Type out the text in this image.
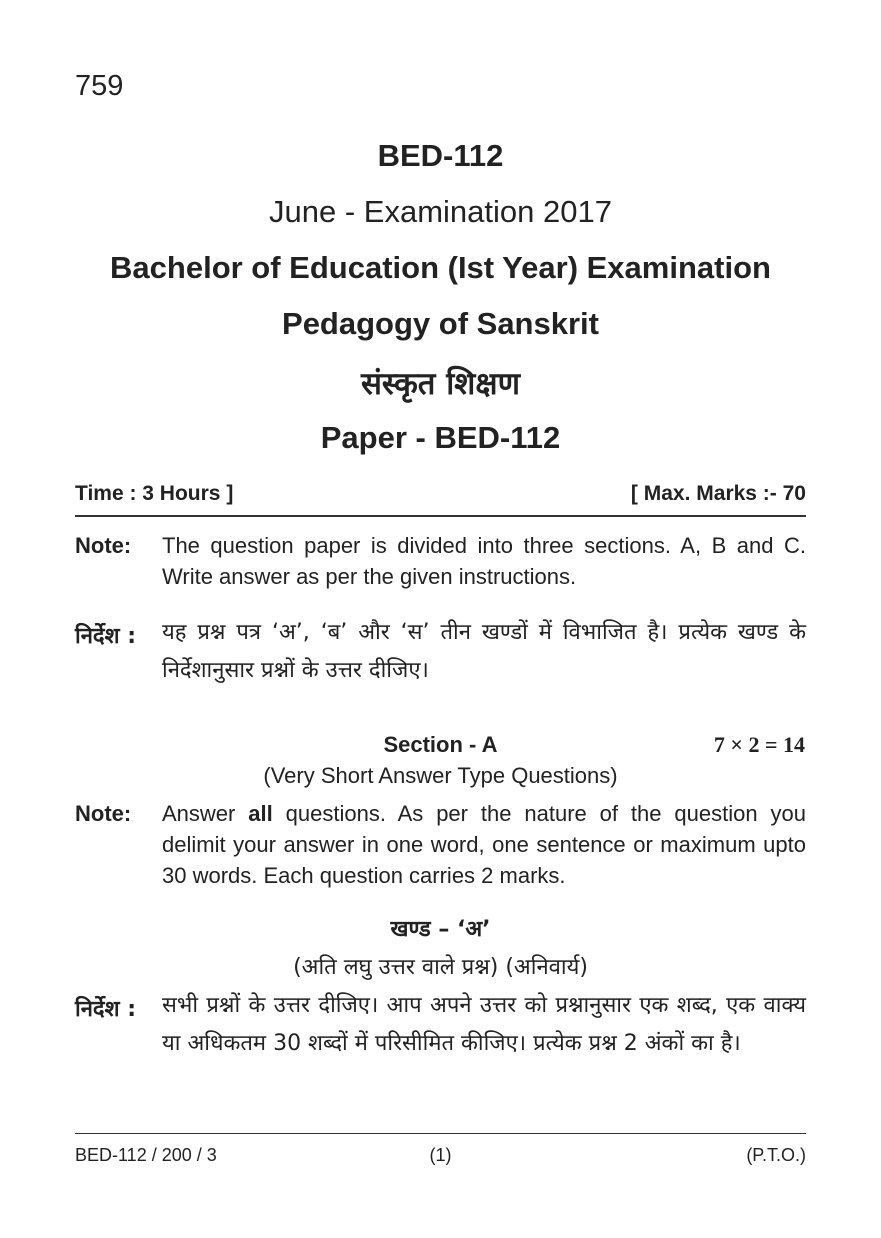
759
BED-112
June - Examination 2017
Bachelor of Education (Ist Year) Examination
Pedagogy of Sanskrit
संस्कृत शिक्षण
Paper - BED-112
Time : 3 Hours ]	[ Max. Marks :- 70
Note: The question paper is divided into three sections. A, B and C. Write answer as per the given instructions.
निर्देश : यह प्रश्न पत्र ‘अ’, ‘ब’ और ‘स’ तीन खण्डों में विभाजित है। प्रत्येक खण्ड के निर्देशानुसार प्रश्नों के उत्तर दीजिए।
Section - A	7 × 2 = 14
(Very Short Answer Type Questions)
Note: Answer all questions. As per the nature of the question you delimit your answer in one word, one sentence or maximum upto 30 words. Each question carries 2 marks.
खण्ड – ‘अ’
(अति लघु उत्तर वाले प्रश्न) (अनिवार्य)
निर्देश : सभी प्रश्नों के उत्तर दीजिए। आप अपने उत्तर को प्रश्नानुसार एक शब्द, एक वाक्य या अधिकतम 30 शब्दों में परिसीमित कीजिए। प्रत्येक प्रश्न 2 अंकों का है।
BED-112 / 200 / 3	(1)	(P.T.O.)
